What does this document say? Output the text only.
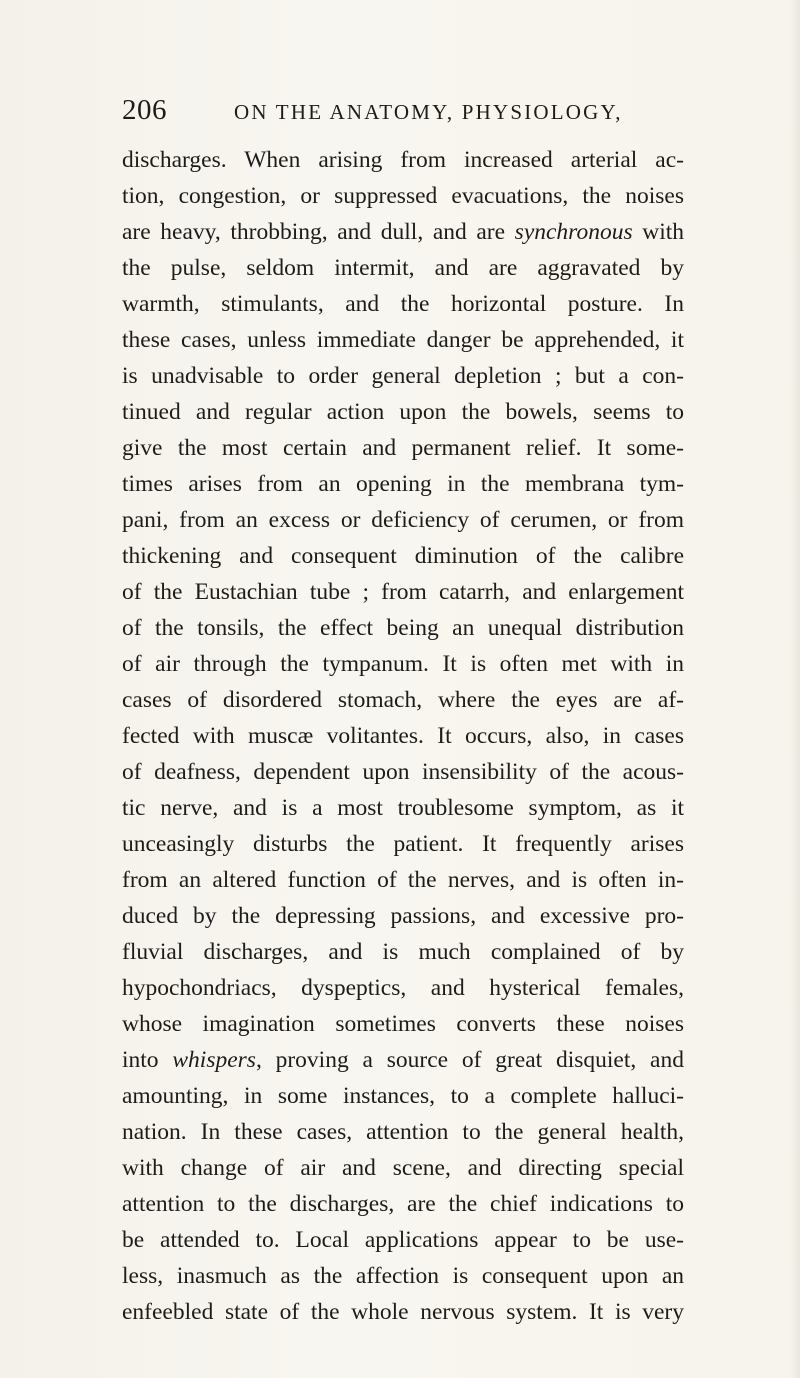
206	ON THE ANATOMY, PHYSIOLOGY,
discharges. When arising from increased arterial ac-
tion, congestion, or suppressed evacuations, the noises
are heavy, throbbing, and dull, and are synchronous with
the pulse, seldom intermit, and are aggravated by
warmth, stimulants, and the horizontal posture. In
these cases, unless immediate danger be apprehended, it
is unadvisable to order general depletion ; but a con-
tinued and regular action upon the bowels, seems to
give the most certain and permanent relief. It some-
times arises from an opening in the membrana tym-
pani, from an excess or deficiency of cerumen, or from
thickening and consequent diminution of the calibre
of the Eustachian tube ; from catarrh, and enlargement
of the tonsils, the effect being an unequal distribution
of air through the tympanum. It is often met with in
cases of disordered stomach, where the eyes are af-
fected with muscæ volitantes. It occurs, also, in cases
of deafness, dependent upon insensibility of the acous-
tic nerve, and is a most troublesome symptom, as it
unceasingly disturbs the patient. It frequently arises
from an altered function of the nerves, and is often in-
duced by the depressing passions, and excessive pro-
fluvial discharges, and is much complained of by
hypochondriacs, dyspeptics, and hysterical females,
whose imagination sometimes converts these noises
into whispers, proving a source of great disquiet, and
amounting, in some instances, to a complete halluci-
nation. In these cases, attention to the general health,
with change of air and scene, and directing special
attention to the discharges, are the chief indications to
be attended to. Local applications appear to be use-
less, inasmuch as the affection is consequent upon an
enfeebled state of the whole nervous system. It is very
